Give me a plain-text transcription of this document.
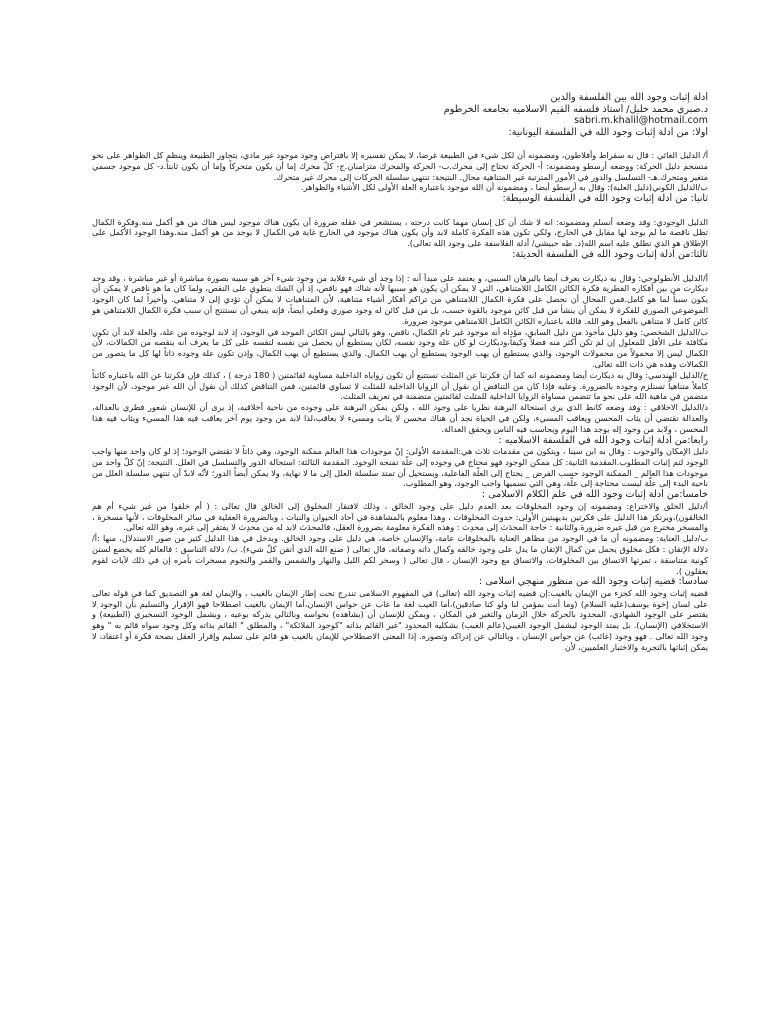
أدلة إثبات وجود الله بين الفلسفة والدين
د.صبري محمد خليل/ أستاذ فلسفه القيم الاسلاميه بجامعه الخرطوم
sabri.m.khalil@hotmail.com
أولا: من أدلة إثبات وجود الله في الفلسفة اليونانية:
أ/ الدليل الغائي : قال به سقراط وأفلاطون، ومضمونه أن لكل شيء في الطبيعة غرضا، لا يمكن تفسيره إلا بافتراض وجود موجود غير مادي، يتجاوز الطبيعة وينظم كل الظواهر على نحو متسجم دليل الحركة: ووضعه أرسطو ومضمونه: أ- الحركة تحتاج إلى محرك.ب- الحركة والمحرك متزامنان.ج- كلّ محرك إما أن يكون متحركاً وإما أن يكون ثابتاً.د- كل موجود جسمي متغير ومتحرك.هـ- التسلسل والدور في الأمور المترتبة غير المتناهية محال. النتيجة: تنتهي سلسلة الحركات إلى محرك غير متحرك.
ب/الدليل الكوني(دليل العلية): وقال به أرسطو أيضا ، ومضمونه أن الله موجود باعتباره العلة الأولى لكل الأشياء والظواهر.
ثانيا: من أدلة إثبات وجود الله في الفلسفة الوسيطة:
الدليل الوجودي: وقد وضعه أنسلم ومضمونه: انه لا شك أن كل إنسان مهما كانت درجته ، يستشعر في عقله ضرورة أن يكون هناك موجود ليس هناك من هو أكمل منه.وفكرة الكمال تظل ناقصة ما لم يوجد لها مقابل في الخارج، ولكي تكون هذه الفكرة كاملة لابد وأن يكون هناك موجود في الخارج غاية في الكمال لا يوجد من هو أكمل منه.وهذا الوجود الأكمل على الإطلاق هو الذي تطلق عليه اسم الله(د. طه حبيشي/ أدلة الفلاسفة على وجود الله تعالى).
ثالثا:من أدلة إثبات وجود الله في الفلسفة الحديثة:
أ/الدليل الأنطولوجي: وقال به ديكارت يعرف أيضا بالبرهان السببي، و يعتمد على مبدأ أنه : إذا وجد أي شيء فلابد من وجود شيء آخر هو سببه بصورة مباشرة أو غير مباشرة ، وقد وجد ديكارت من بين أفكاره الفطرية فكرة الكائن الكامل اللامتناهي، التي لا يمكن أن يكون هو سببها لأنه شاك فهو ناقص، إذ أن الشك ينطوي على النقص، ولما كان ما هو ناقص لا يمكن أن يكون سبباً لما هو كامل.فمن المحال أن نحصل على فكرة الكمال اللامتناهي من تراكم أفكار أشياء متناهية، لأن المتناهيات لا يمكن أن تؤدي إلى لا متناهي. وأخيراً لما كان الوجود الموضوعي الصوري للفكرة لا يمكن أن ينشأ من قبل كائن موجود بالقوة حسب، بل من قبل كائن له وجود صوري وفعلي أيضاً، فإنه ينبغي أن نستنتج أن سبب فكرة الكمال اللامتناهي هو كائن كامل لا متناهي بالفعل وهو الله. فالله باعتباره الكائن الكامل اللامتناهي موجود ضرورة.
ب/الدليل الشخصي: وهو دليل مأخوذ من دليل السابق، مؤداه أنه موجود غير تام الكمال، ناقص، وهو بالتالي ليس الكائن الموجد في الوجود، إذ لابد لوجوده من علة، والعلة لابد أن تكون مكافئة على الأقل للمعلول إن لم تكن أكثر منه فضلاً وكيفاً،وديكارت لو كان علة وجود نفسه، لكان يستطيع أن يحصل من نفسه لنفسه على كل ما يعرف أنه ينقصه من الكمالات، لأن الكمال ليس إلا محمولاً من محمولات الوجود، والذي يستطيع أن يهب الوجود يستطيع أن يهب الكمال. والذي يستطيع أن يهب الكمال، وإذن تكون علة وجوده ذاتاً لها كل ما يتصور من الكمالات وهذه هي ذات الله تعالى.
ج/الدليل الهندسي: وقال به ديكارت أيضا ومضمونه انه كما أن فكرتنا عن المثلث تستتبع أن تكون زواياه الداخلية مساوية لقائمتين ( 180 درجة ) ، كذلك فإن فكرتنا عن الله باعتباره كائناً كاملاً متناهياً تستلزم وجوده بالضرورة. وعليه فإذا كان من التناقض أن نقول أن الزوايا الداخلية للمثلث لا تساوي قائمتين، فمن التناقض كذلك أن نقول أن الله غير موجود، لأن الوجود متضمن في ماهية الله على نحو ما تتضمن مساواة الزوايا الداخلية للمثلث لقائمتين متضمنة في تعريف المثلث.
د/الدليل الاخلاقي : وقد وضعه كانط الذي يرى استحالة البرهنة نظريا على وجود الله ، ولكن يمكن البرهنة على وجوده من ناحية أخلاقيه، إذ يرى أن للإنسان شعور فطري بالعدالة، والعدالة تقتضي أن يثاب المحسن ويعاقب المسيء، ولكن في الحياة نجد أن هناك محسن لا يثاب ومسيء لا يعاقب،لذا لابد من وجود يوم آخر يعاقب فيه هذا المسيء ويثاب فيه هذا المحسن ، ولابد من وجود إله يوجد هذا اليوم ويحاسب فيه الناس ويحقق العدالة.
رابعا:من أدلة إثبات وجود الله في الفلسفة الاسلاميه :
دليل الإمكان والوجوب : وقال به ابن سينا ، ويتكون من مقدمات ثلاث هي:المقدمة الأولى: إنّ موجودات هذا العالم ممكنة الوجود، وهي ذاتاً لا تقتضي الوجود؛ إذ لو كان واحد منها واجب الوجود لتم إثبات المطلوب.المقدمة الثانية: كل ممكن الوجود فهو محتاج في وجوده إلى علّة تمنحه الوجود. المقدمة الثالثة: استحالة الدور والتسلسل في العلل. النتيجة: إنّ كلّ واحد من موجودات هذا العالم _ الممكنة الوجود حسب الفرض _ يحتاج إلى العلّة الفاعلية، ويستحيل أن تمتد سلسلة العلل إلى ما لا نهاية، ولا يمكن أيضاً الدور؛ لأنّه لابدّ أن تنتهي سلسلة العلل من ناحية البدء إلى علّة ليست محتاجة إلى علّة، وهي التي نسميها واجب الوجود، وهو المطلوب.
خامسا:من أدلة إثبات وجود الله في علم الكلام الاسلامى :
أ/دليل الخلق والاختراع: ومضمونه إن وجود المخلوقات بعد العدم دليل على وجود الخالق ، وذلك لافتقار المخلوق إلى الخالق قال تعالى : ( أم خلقوا من غير شيء أم هم الخالقون)،ويرتكز هذا الدليل على فكرتين بديهيتين الأولى: حدوث المخلوقات ، وهذا معلوم بالمشاهدة في آحاد الحيوان والنبات ، وبالضرورة العقلية في سائر المخلوقات ، لأنها مسخرة ، والمسخر مخترع من قبل غيره ضرورة.والثانية : حاجة المحدَث إلى محدِث : وهذه الفكرة معلومة بضرورة العقل، فالمحدَث لابد له من محدِث لا يفتقر إلى غيره، وهو الله تعالى.
ب/دليل العناية: ومضمونه أن ما في الوجود من مظاهر العناية بالمخلوقات عامة، والإنسان خاصة، هي دليل على وجود الخالق. ويدخل في هذا الدليل كثير من صور الاستدلال، منها :أ/ دلالة الإتقان : فكل مخلوق يحمل من كمال الإتقان ما يدل على وجود خالقه وكمال ذاته وصفاته، قال تعالى ( صنع الله الذي أتقن كلّ شيء). ب/ دلالة التناسق : فالعالم كله يخضع لسنن كونية متناسقة ، تمرتها الاتساق بين المخلوقات، والاتساق مع وجود الإنسان ، قال تعالى ( وسخر لكم الليل والنهار والشمس والقمر والنجوم مسخرات بأمره إن في ذلك لآيات لقوم يعقلون ).
سادسا: قضيه إثبات وجود الله من منظور منهجي اسلامى :
قضيه إثبات وجود الله كجزء من الإيمان بالغيب:إن قضيه إثبات وجود الله (تعالى) في المفهوم الاسلامى تندرج تحت إطار الإيمان بالغيب ، والإيمان لغة هو التصديق كما في قوله تعالى على لسان إخوة يوسف(عليه السلام) (وما أنت بمؤمن لنا ولو كنا صادقين)،أما الغيب لغة ما غاب عن حواس الإنسان،أما الإيمان بالغيب اصطلاحا فهو الإقرار والتسليم بأن الوجود لا يقتصر على الوجود الشهادي، المحدود بالحركة خلال الزمان والتغير في المكان ، ويمكن للإنسان أن (يشاهده) بحواسه وبالتالي يدركه بوعيه ، ويشمل الوجود التسخيري (الطبيعة) و الاستخلافي (الإنسان). بل يمتد الوجود ليشمل الوجود الغيبي(عالم الغيب) بشكليه المحدود "غير القائم بذاته "كوجود الملائكة" ، والمطلق " القائم بذاته وكل وجود سواه قائم به " وهو وجود الله تعالى . فهو وجود (غائب) عن حواس الإنسان ، وبالتالي عن إدراكه وتصوره. إذا المعنى الاصطلاحي للإيمان بالغيب هو قائم على تسليم وإقرار العقل بصحة فكرة أو اعتقاد، لا يمكن إثباتها بالتجربة والاختبار العلميين، لأن
